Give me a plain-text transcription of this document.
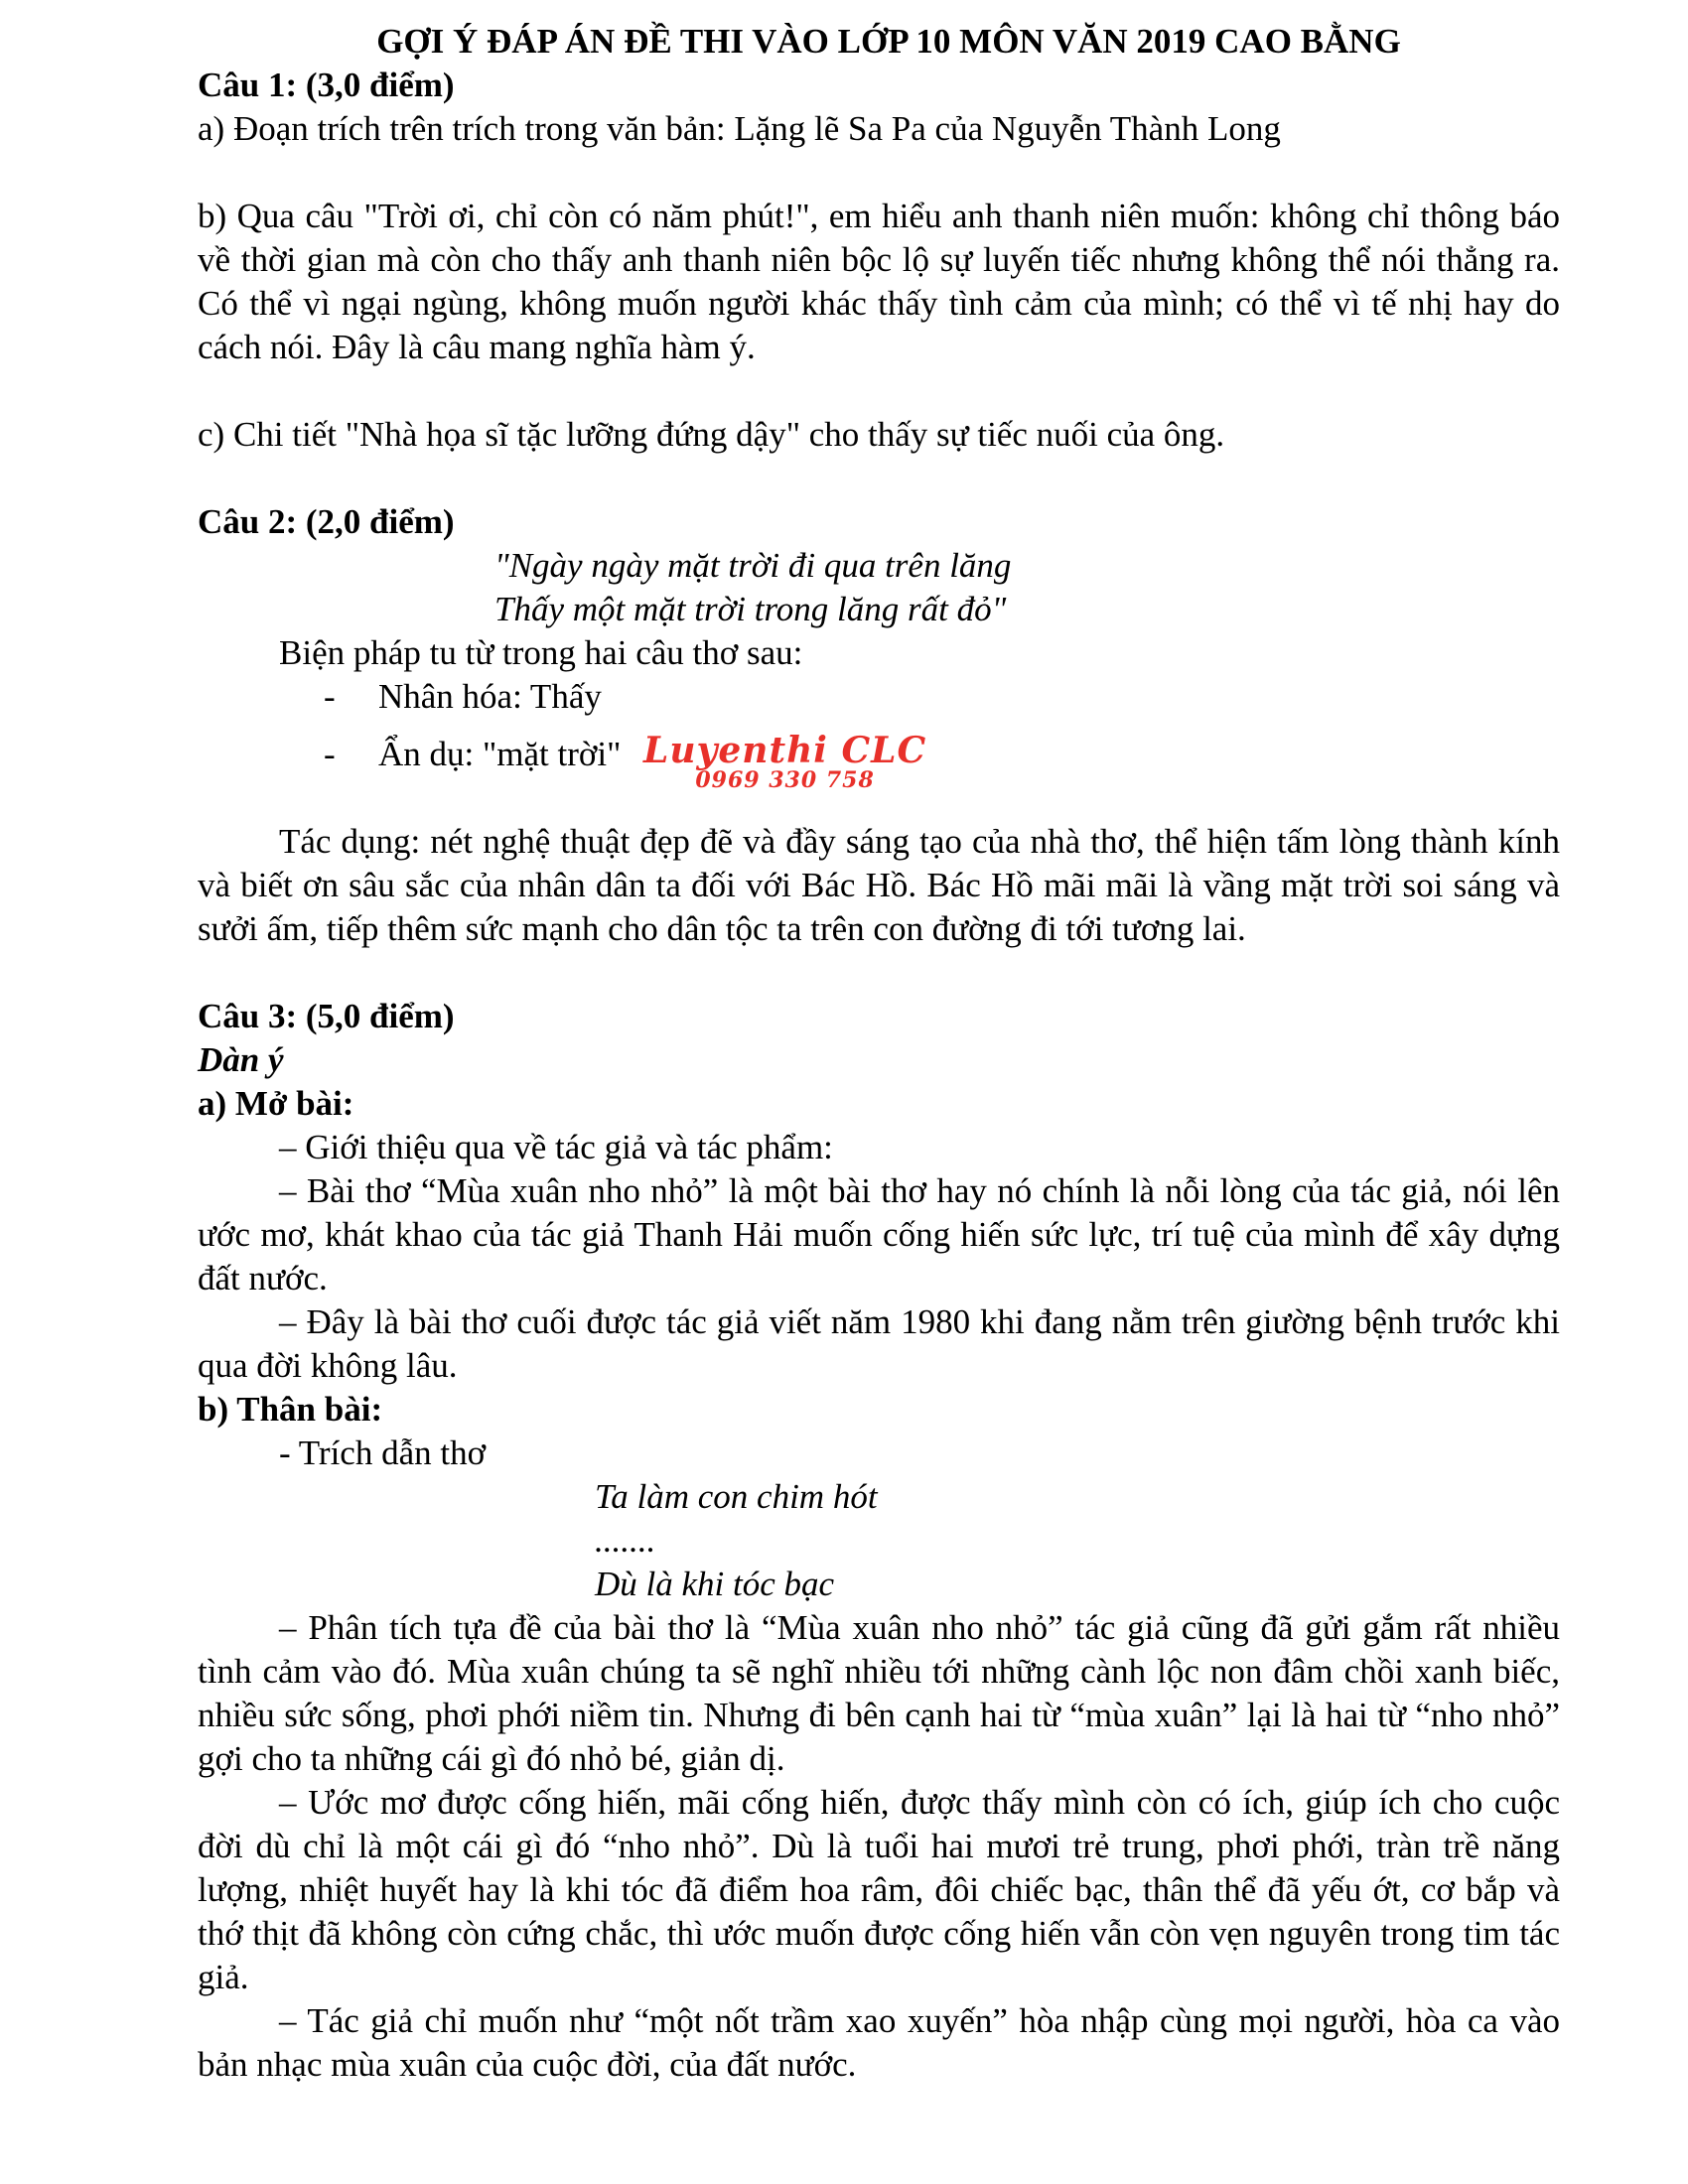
GỢI Ý ĐÁP ÁN ĐỀ THI VÀO LỚP 10 MÔN VĂN 2019 CAO BẰNG

Câu 1: (3,0 điểm)

a) Đoạn trích trên trích trong văn bản: Lặng lẽ Sa Pa của Nguyễn Thành Long

b) Qua câu "Trời ơi, chỉ còn có năm phút!", em hiểu anh thanh niên muốn: không chỉ thông báo về thời gian mà còn cho thấy anh thanh niên bộc lộ sự luyến tiếc nhưng không thể nói thẳng ra. Có thể vì ngại ngùng, không muốn người khác thấy tình cảm của mình; có thể vì tế nhị hay do cách nói. Đây là câu mang nghĩa hàm ý.

c) Chi tiết "Nhà họa sĩ tặc lưỡng đứng dậy" cho thấy sự tiếc nuối của ông.

Câu 2: (2,0 điểm)

"Ngày ngày mặt trời đi qua trên lăng

Thấy một mặt trời trong lăng rất đỏ"

Biện pháp tu từ trong hai câu thơ sau:

- Nhân hóa: Thấy

- Ẩn dụ: "mặt trời"

Tác dụng: nét nghệ thuật đẹp đẽ và đầy sáng tạo của nhà thơ, thể hiện tấm lòng thành kính và biết ơn sâu sắc của nhân dân ta đối với Bác Hồ. Bác Hồ mãi mãi là vầng mặt trời soi sáng và sưởi ấm, tiếp thêm sức mạnh cho dân tộc ta trên con đường đi tới tương lai.

Câu 3: (5,0 điểm)

Dàn ý

a) Mở bài:

– Giới thiệu qua về tác giả và tác phẩm:

– Bài thơ “Mùa xuân nho nhỏ” là một bài thơ hay nó chính là nỗi lòng của tác giả, nói lên ước mơ, khát khao của tác giả Thanh Hải muốn cống hiến sức lực, trí tuệ của mình để xây dựng đất nước.

– Đây là bài thơ cuối được tác giả viết năm 1980 khi đang nằm trên giường bệnh trước khi qua đời không lâu.

b) Thân bài:

- Trích dẫn thơ

Ta làm con chim hót

.......

Dù là khi tóc bạc

– Phân tích tựa đề của bài thơ là “Mùa xuân nho nhỏ” tác giả cũng đã gửi gắm rất nhiều tình cảm vào đó. Mùa xuân chúng ta sẽ nghĩ nhiều tới những cành lộc non đâm chồi xanh biếc, nhiều sức sống, phơi phới niềm tin. Nhưng đi bên cạnh hai từ “mùa xuân” lại là hai từ “nho nhỏ” gợi cho ta những cái gì đó nhỏ bé, giản dị.

– Ước mơ được cống hiến, mãi cống hiến, được thấy mình còn có ích, giúp ích cho cuộc đời dù chỉ là một cái gì đó “nho nhỏ”. Dù là tuổi hai mươi trẻ trung, phơi phới, tràn trề năng lượng, nhiệt huyết hay là khi tóc đã điểm hoa râm, đôi chiếc bạc, thân thể đã yếu ớt, cơ bắp và thớ thịt đã không còn cứng chắc, thì ước muốn được cống hiến vẫn còn vẹn nguyên trong tim tác giả.

– Tác giả chỉ muốn như “một nốt trầm xao xuyến” hòa nhập cùng mọi người, hòa ca vào bản nhạc mùa xuân của cuộc đời, của đất nước.

Luyenthi CLC
0969 330 758
